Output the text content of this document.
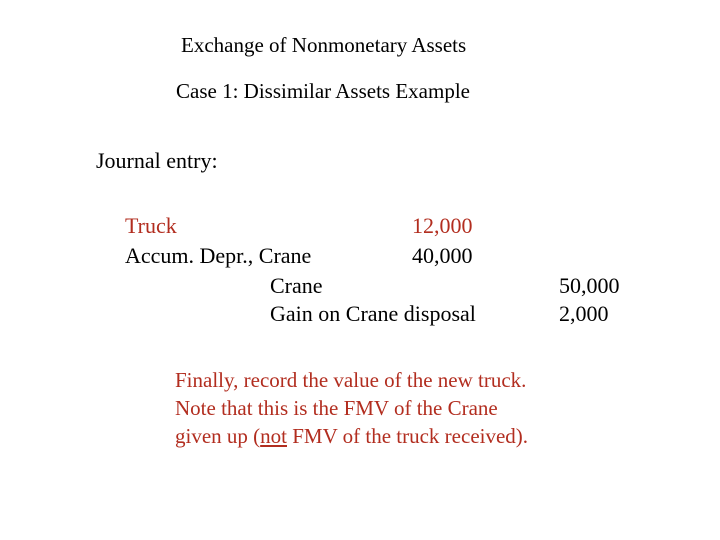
Exchange of Nonmonetary Assets
Case 1: Dissimilar Assets Example
Journal entry:
Truck	12,000
Accum. Depr., Crane	40,000
Crane	50,000
Gain on Crane disposal	2,000
Finally, record the value of the new truck.
Note that this is the FMV of the Crane
given up (not FMV of the truck received).
